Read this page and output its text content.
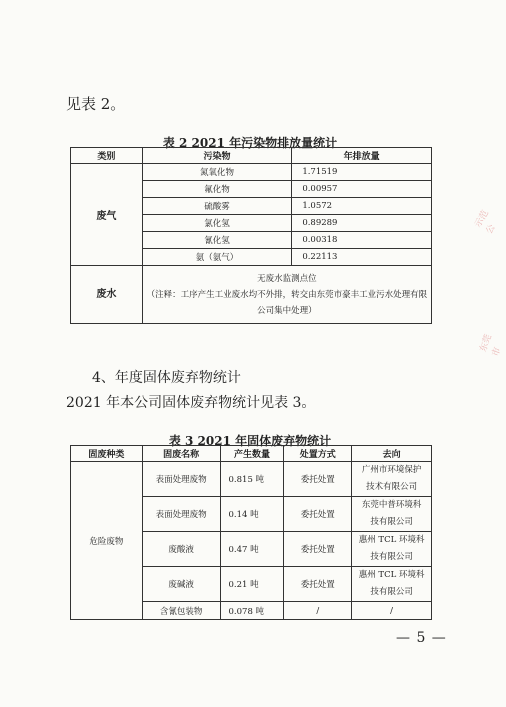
见表 2。
表 2 2021 年污染物排放量统计
类别	污染物	年排放量
废气	氮氧化物	1.71519
	氟化物	0.00957
	硫酸雾	1.0572
	氯化氢	0.89289
	氰化氢	0.00318
	氨（氨气）	0.22113
废水	无废水监测点位
（注释：工序产生工业废水均不外排，转交由东莞市豪丰工业污水处理有限
公司集中处理）	
4、年度固体废弃物统计
2021 年本公司固体废弃物统计见表 3。
表 3 2021 年固体废弃物统计
固废种类	固废名称	产生数量	处置方式	去向
危险废物	表面处理废物	0.815 吨	委托处置	广州市环境保护
技术有限公司

	表面处理废物	0.14 吨	委托处置	东莞中普环境科
技有限公司

	废酸液	0.47 吨	委托处置	惠州 TCL 环境科
技有限公司

	废碱液	0.21 吨	委托处置	惠州 TCL 环境科
技有限公司

	含氰包装物	0.078 吨	/	/
— 5 —
示范公
东莞市
